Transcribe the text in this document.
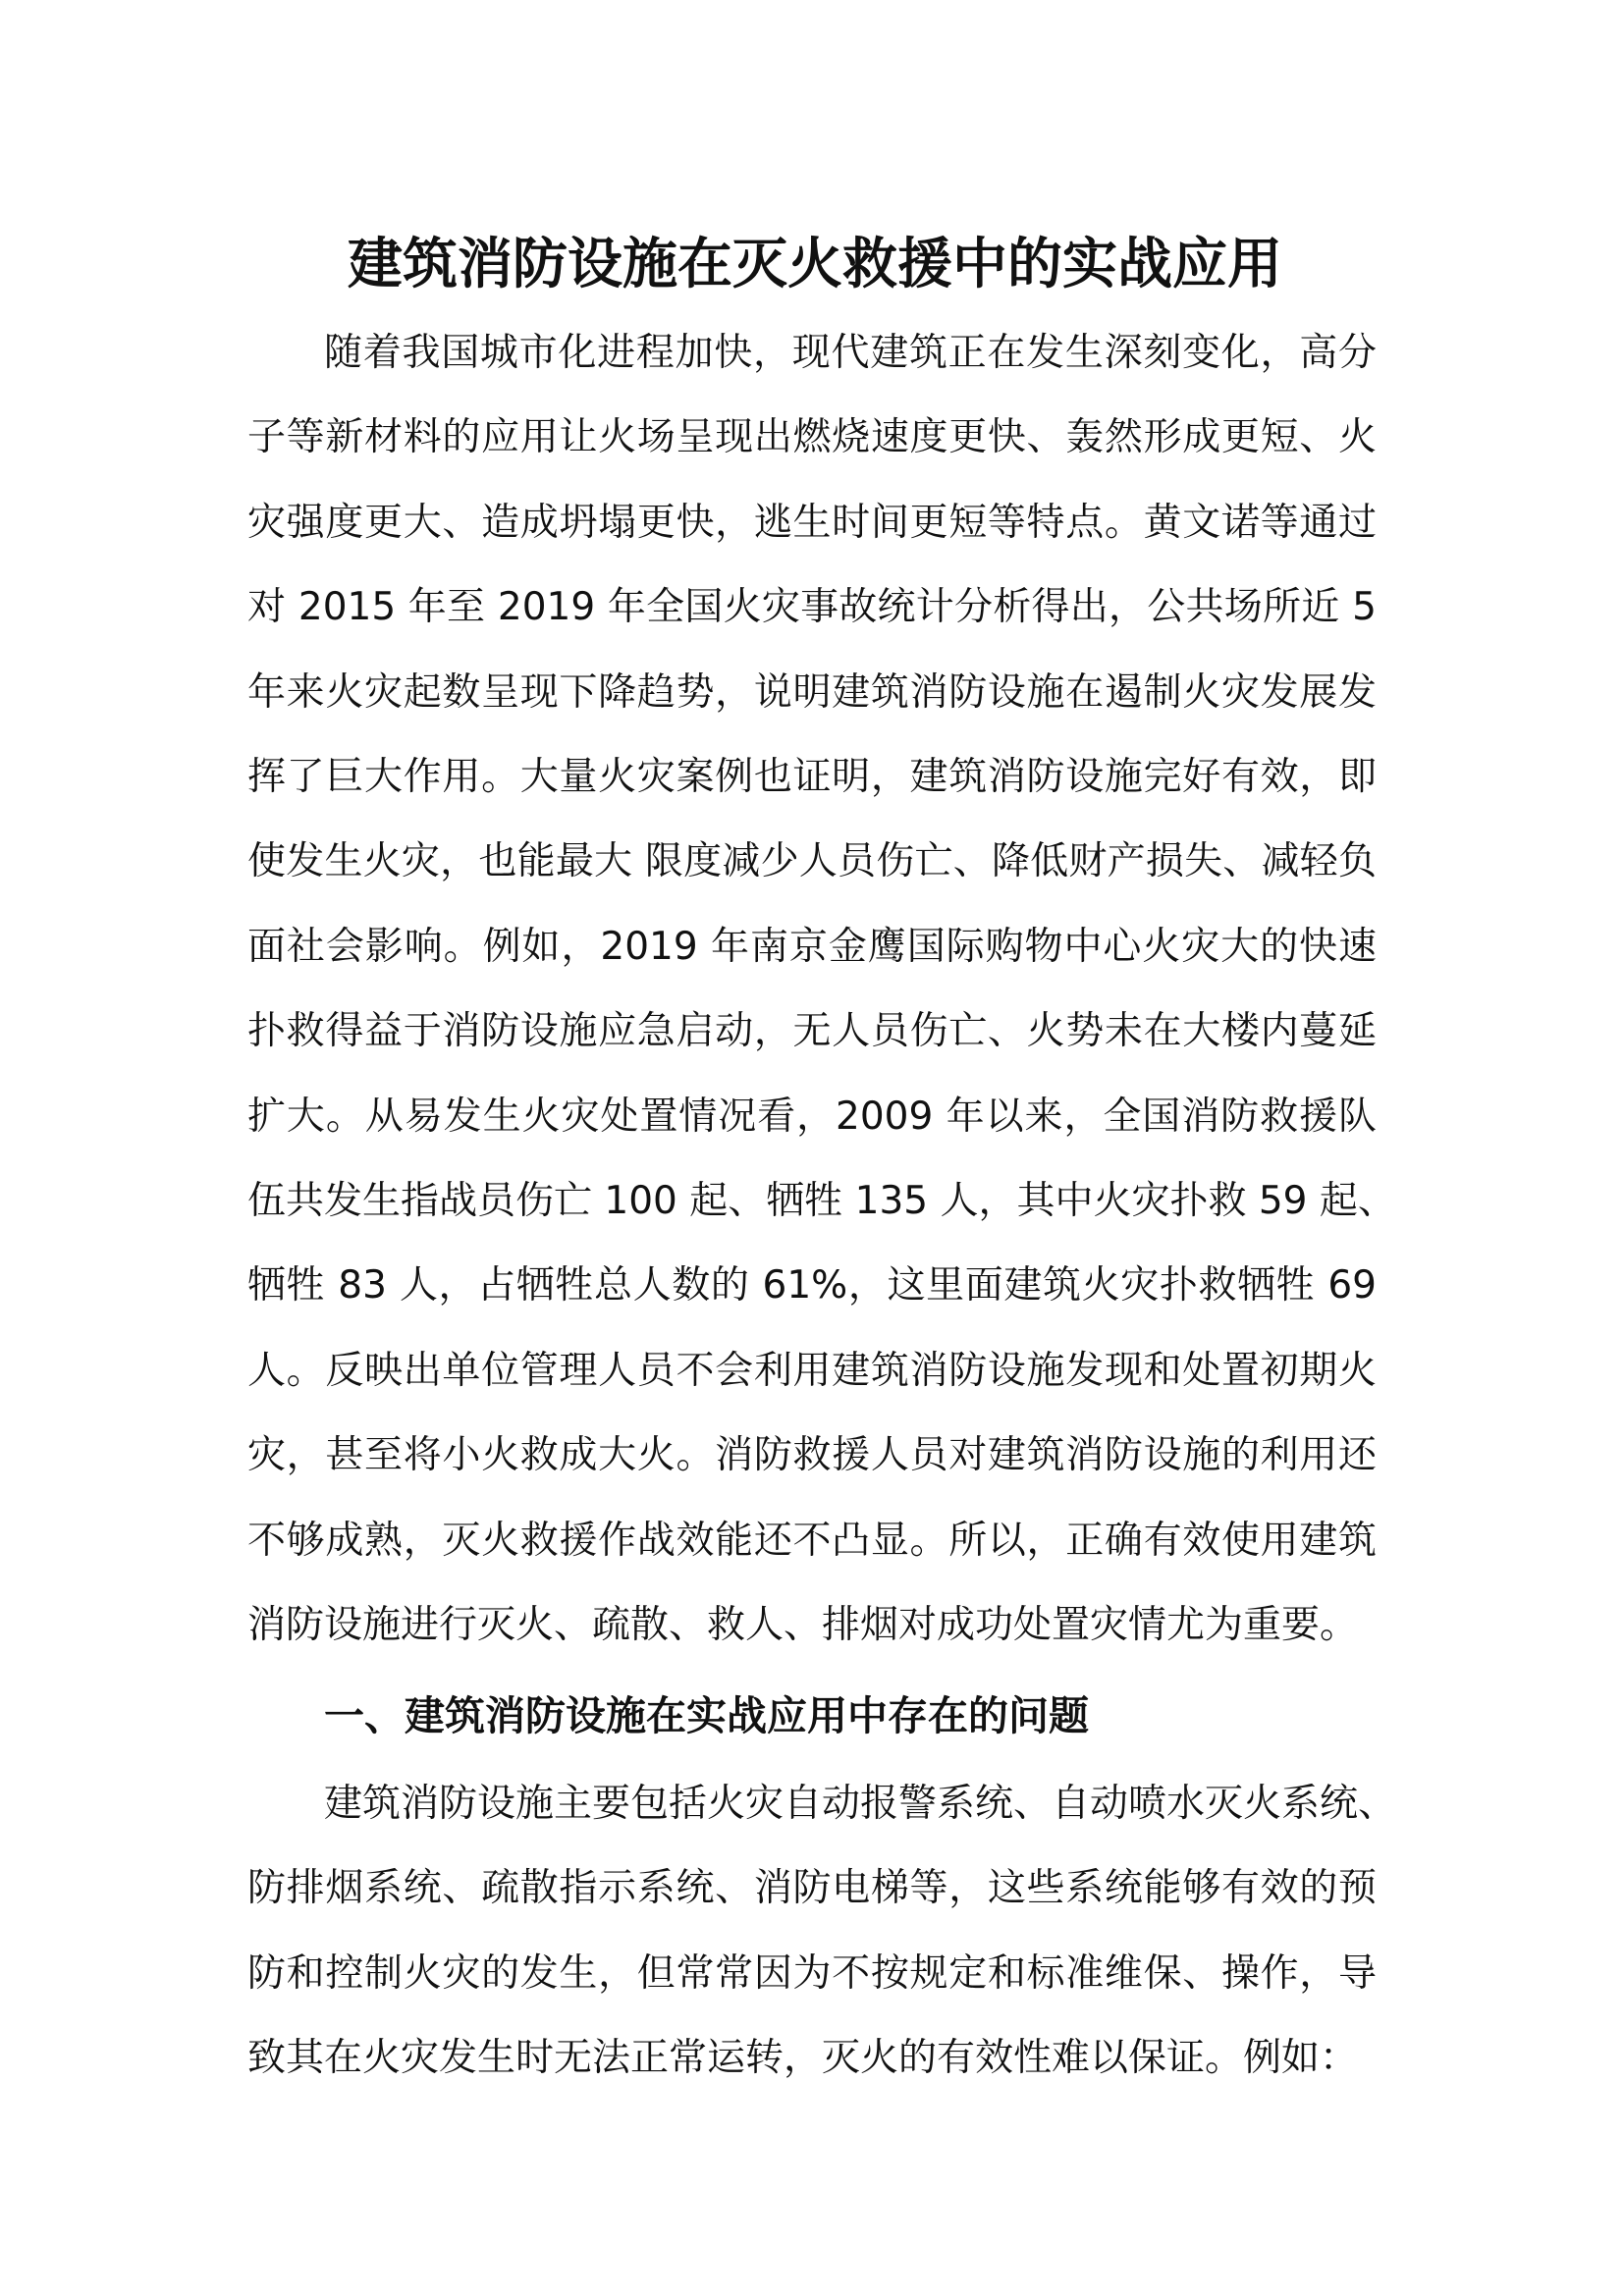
建筑消防设施在灭火救援中的实战应用
随着我国城市化进程加快，现代建筑正在发生深刻变化，高分
子等新材料的应用让火场呈现出燃烧速度更快、轰然形成更短、火
灾强度更大、造成坍塌更快，逃生时间更短等特点。黄文诺等通过
对 2015 年至 2019 年全国火灾事故统计分析得出，公共场所近 5
年来火灾起数呈现下降趋势，说明建筑消防设施在遏制火灾发展发
挥了巨大作用。大量火灾案例也证明，建筑消防设施完好有效，即
使发生火灾，也能最大 限度减少人员伤亡、降低财产损失、减轻负
面社会影响。例如，2019 年南京金鹰国际购物中心火灾大的快速
扑救得益于消防设施应急启动，无人员伤亡、火势未在大楼内蔓延
扩大。从易发生火灾处置情况看，2009 年以来，全国消防救援队
伍共发生指战员伤亡 100 起、牺牲 135 人，其中火灾扑救 59 起、
牺牲 83 人，占牺牲总人数的 61%，这里面建筑火灾扑救牺牲 69
人。反映出单位管理人员不会利用建筑消防设施发现和处置初期火
灾，甚至将小火救成大火。消防救援人员对建筑消防设施的利用还
不够成熟，灭火救援作战效能还不凸显。所以，正确有效使用建筑
消防设施进行灭火、疏散、救人、排烟对成功处置灾情尤为重要。
一、建筑消防设施在实战应用中存在的问题
建筑消防设施主要包括火灾自动报警系统、自动喷水灭火系统、
防排烟系统、疏散指示系统、消防电梯等，这些系统能够有效的预
防和控制火灾的发生，但常常因为不按规定和标准维保、操作，导
致其在火灾发生时无法正常运转，灭火的有效性难以保证。例如：
